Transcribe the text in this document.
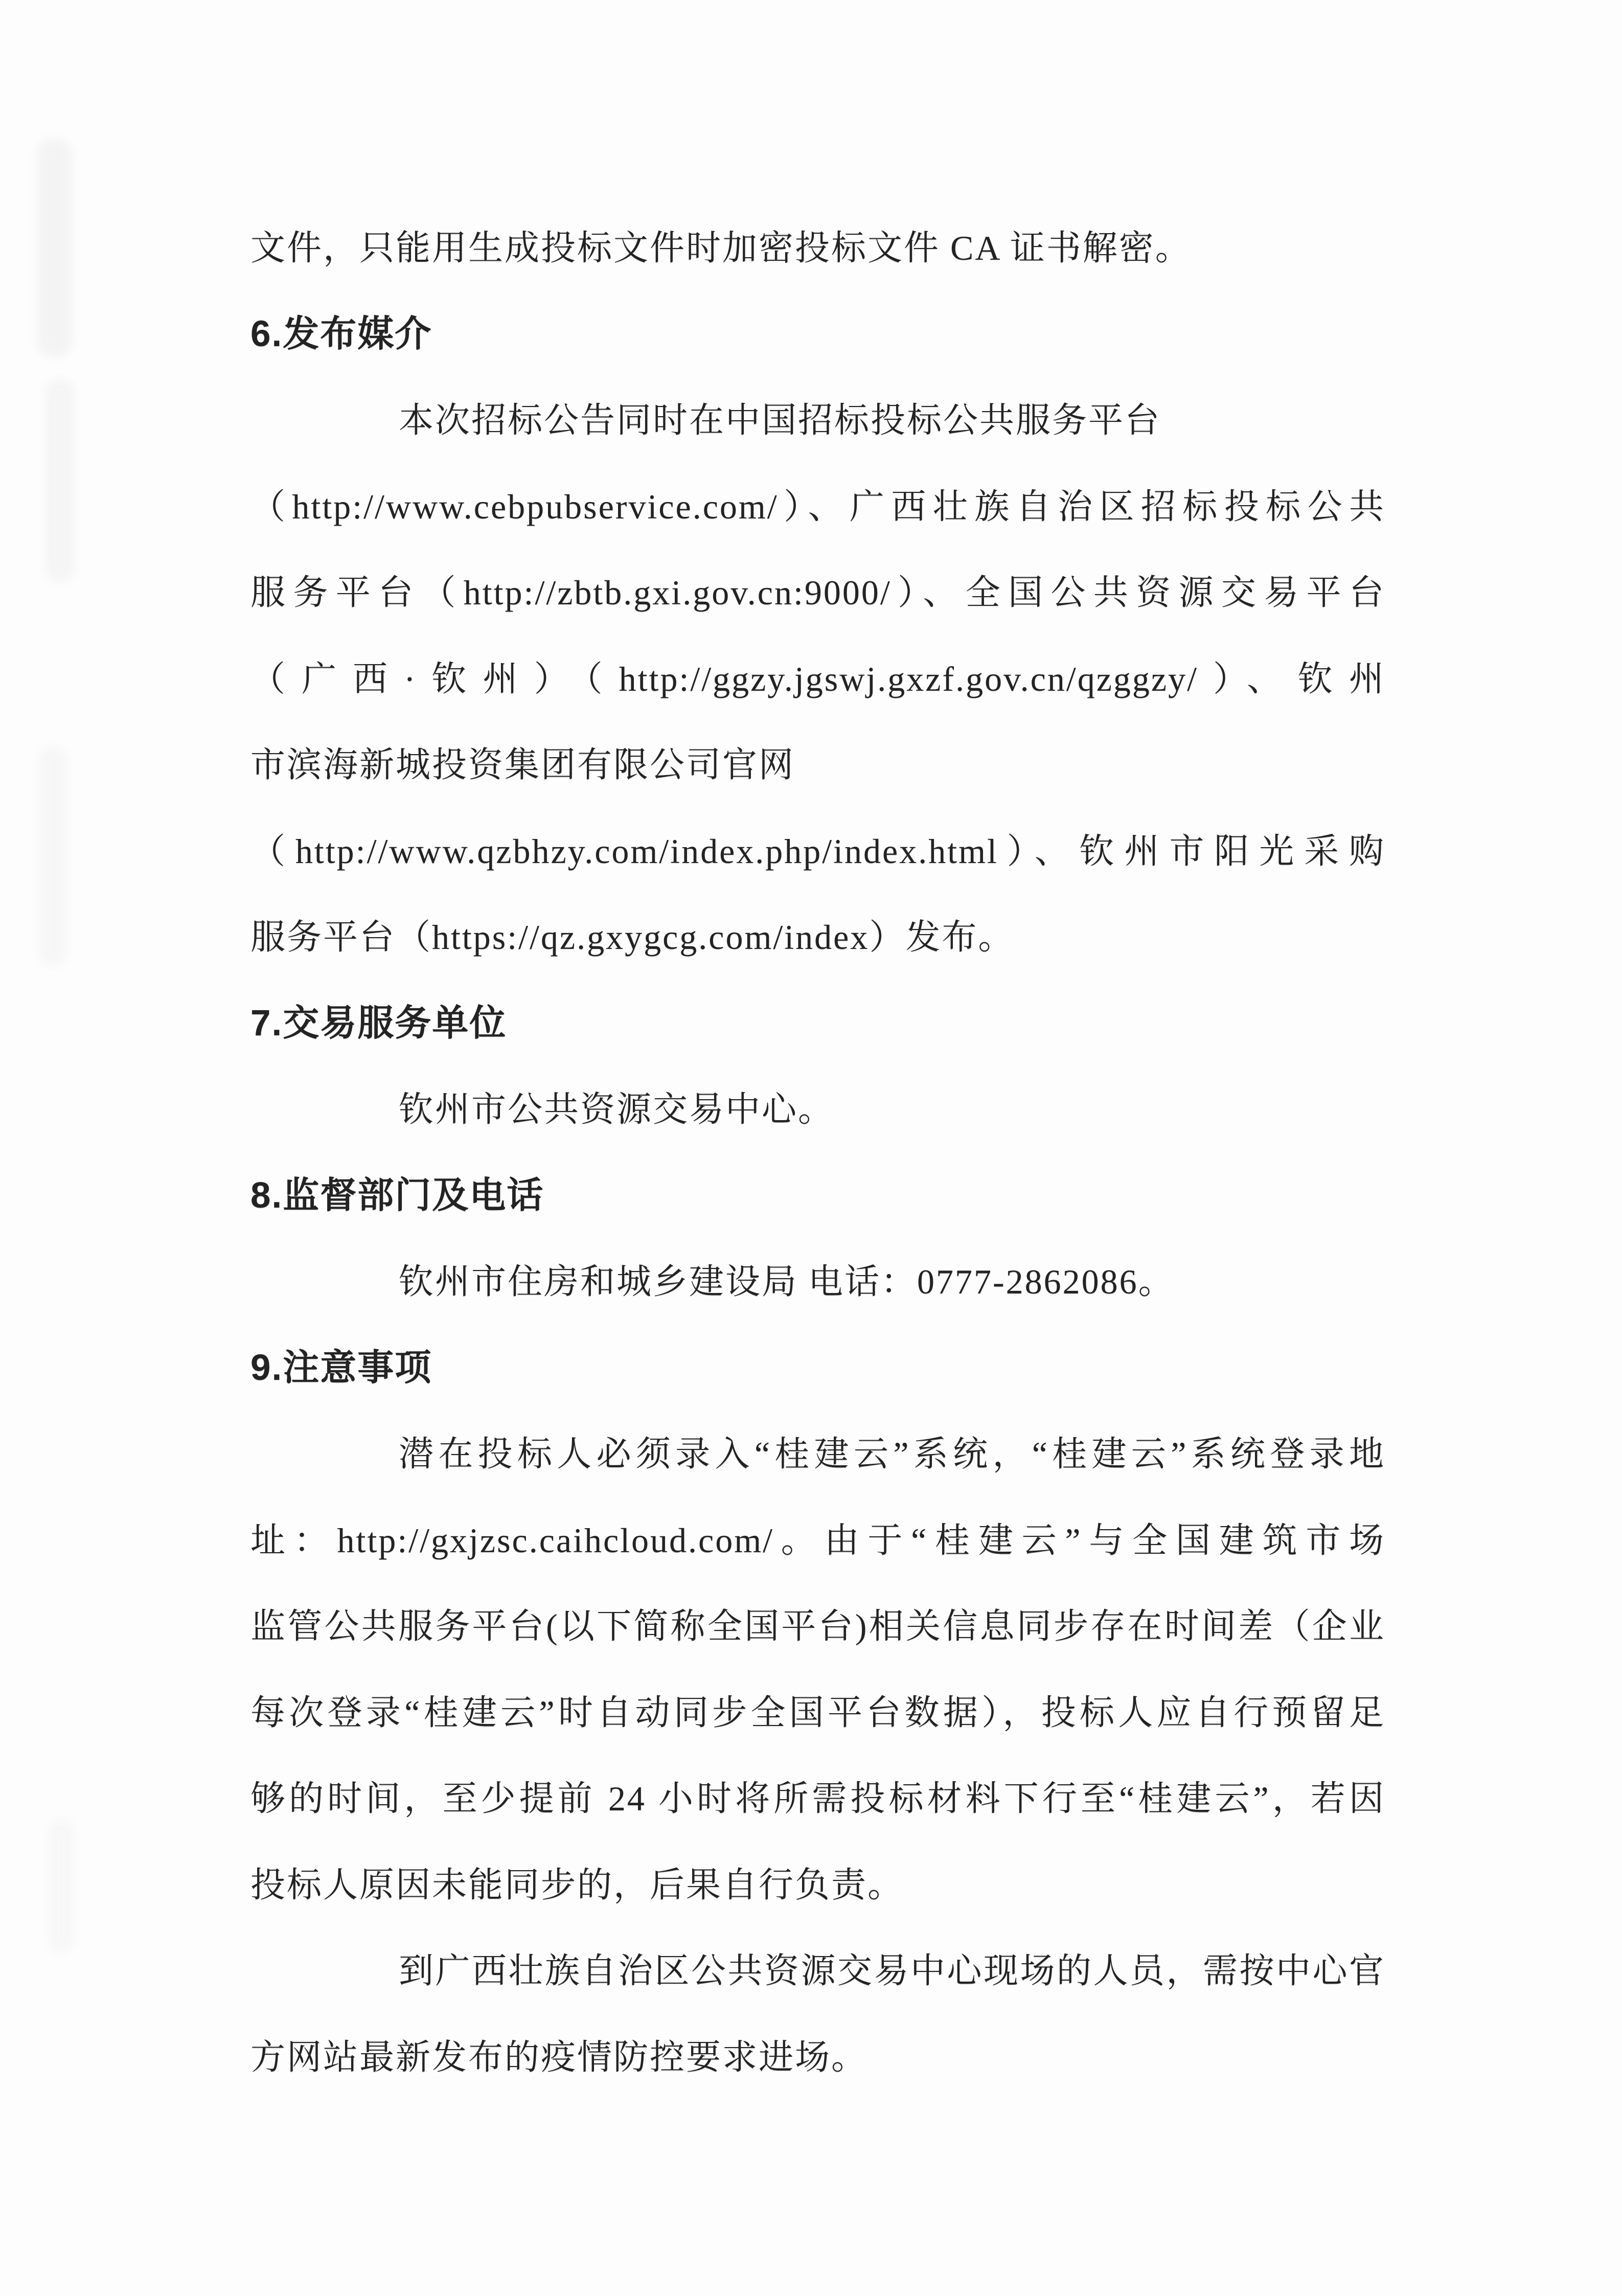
文件，只能用生成投标文件时加密投标文件 CA 证书解密。

6.发布媒介

本次招标公告同时在中国招标投标公共服务平台

（http://www.cebpubservice.com/）、广西壮族自治区招标投标公共

服务平台（http://zbtb.gxi.gov.cn:9000/）、全国公共资源交易平台

（广西·钦州）（http://ggzy.jgswj.gxzf.gov.cn/qzggzy/）、钦州

市滨海新城投资集团有限公司官网

（http://www.qzbhzy.com/index.php/index.html）、钦州市阳光采购

服务平台（https://qz.gxygcg.com/index）发布。

7.交易服务单位

钦州市公共资源交易中心。

8.监督部门及电话

钦州市住房和城乡建设局 电话：0777-2862086。

9.注意事项

潜在投标人必须录入“桂建云”系统，“桂建云”系统登录地

址：http://gxjzsc.caihcloud.com/。由于“桂建云”与全国建筑市场

监管公共服务平台(以下简称全国平台)相关信息同步存在时间差（企业

每次登录“桂建云”时自动同步全国平台数据），投标人应自行预留足

够的时间，至少提前 24 小时将所需投标材料下行至“桂建云”，若因

投标人原因未能同步的，后果自行负责。

到广西壮族自治区公共资源交易中心现场的人员，需按中心官

方网站最新发布的疫情防控要求进场。
